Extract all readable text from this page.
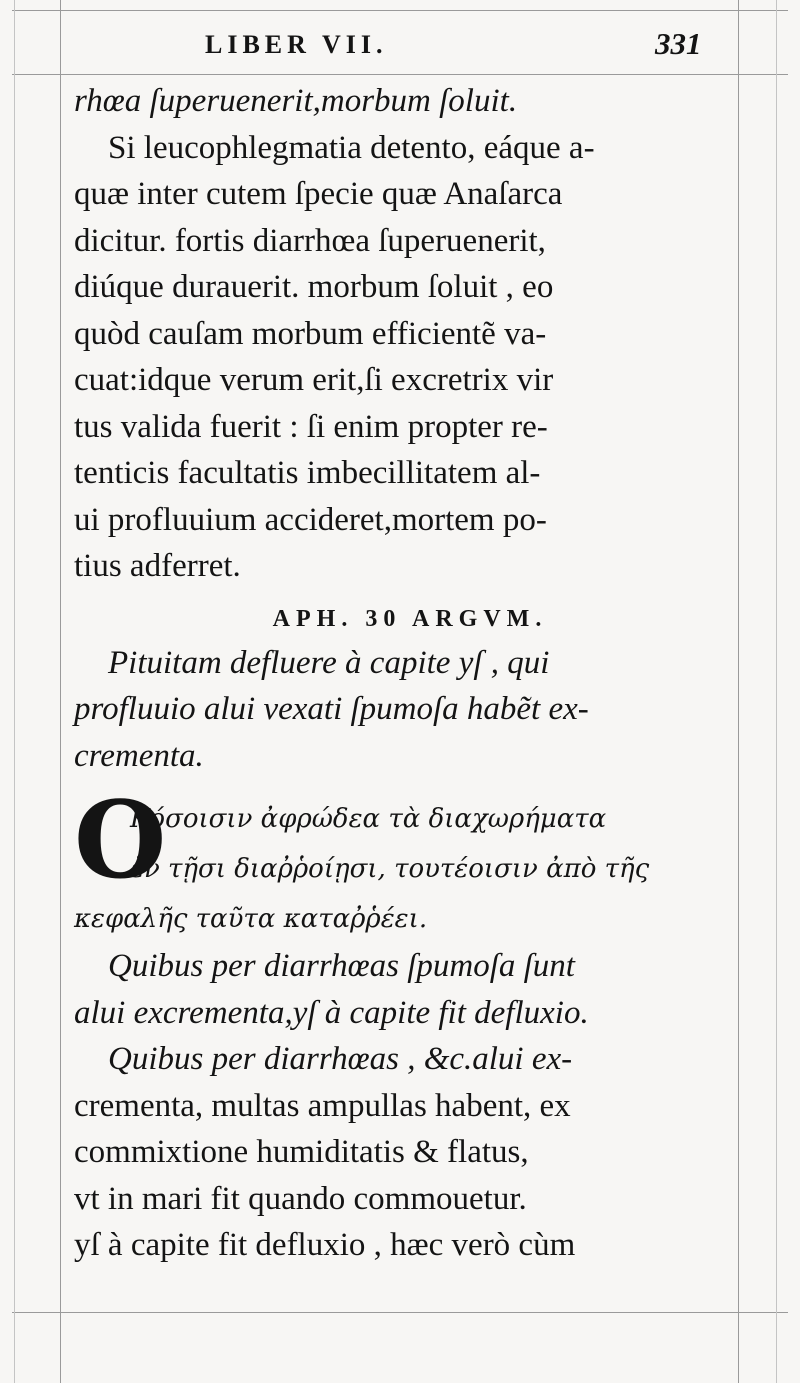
LIBER VII.	331
rhœa ſuperuenerit,morbum ſoluit.
Si leucophlegmatia detento, eáque a-
quæ inter cutem ſpecie quæ Anaſarca
dicitur. fortis diarrhœa ſuperuenerit,
diúque durauerit. morbum ſoluit , eo
quòd cauſam morbum efficientẽ va-
cuat:idque verum erit,ſi excretrix vir
tus valida fuerit : ſi enim propter re-
tenticis facultatis imbecillitatem al-
ui profluuium accideret,mortem po-
tius adferret.
APH. 30 ARGVM.
Pituitam defluere à capite yſ , qui
profluuio alui vexati ſpumoſa habẽt ex-
crementa.
O
Κόσοισιν ἀφρώδεα τὰ διαχωρήματα
ἐν τῇσι διαῤῥοίῃσι, τουτέοισιν ἀπὸ τῆς
κεφαλῆς ταῦτα καταῤῥέει.
Quibus per diarrhœas ſpumoſa ſunt
alui excrementa,yſ à capite fit defluxio.
Quibus per diarrhœas , &c.alui ex-
crementa, multas ampullas habent, ex
commixtione humiditatis & flatus,
vt in mari fit quando commouetur.
yſ à capite fit defluxio , hæc verò cùm
